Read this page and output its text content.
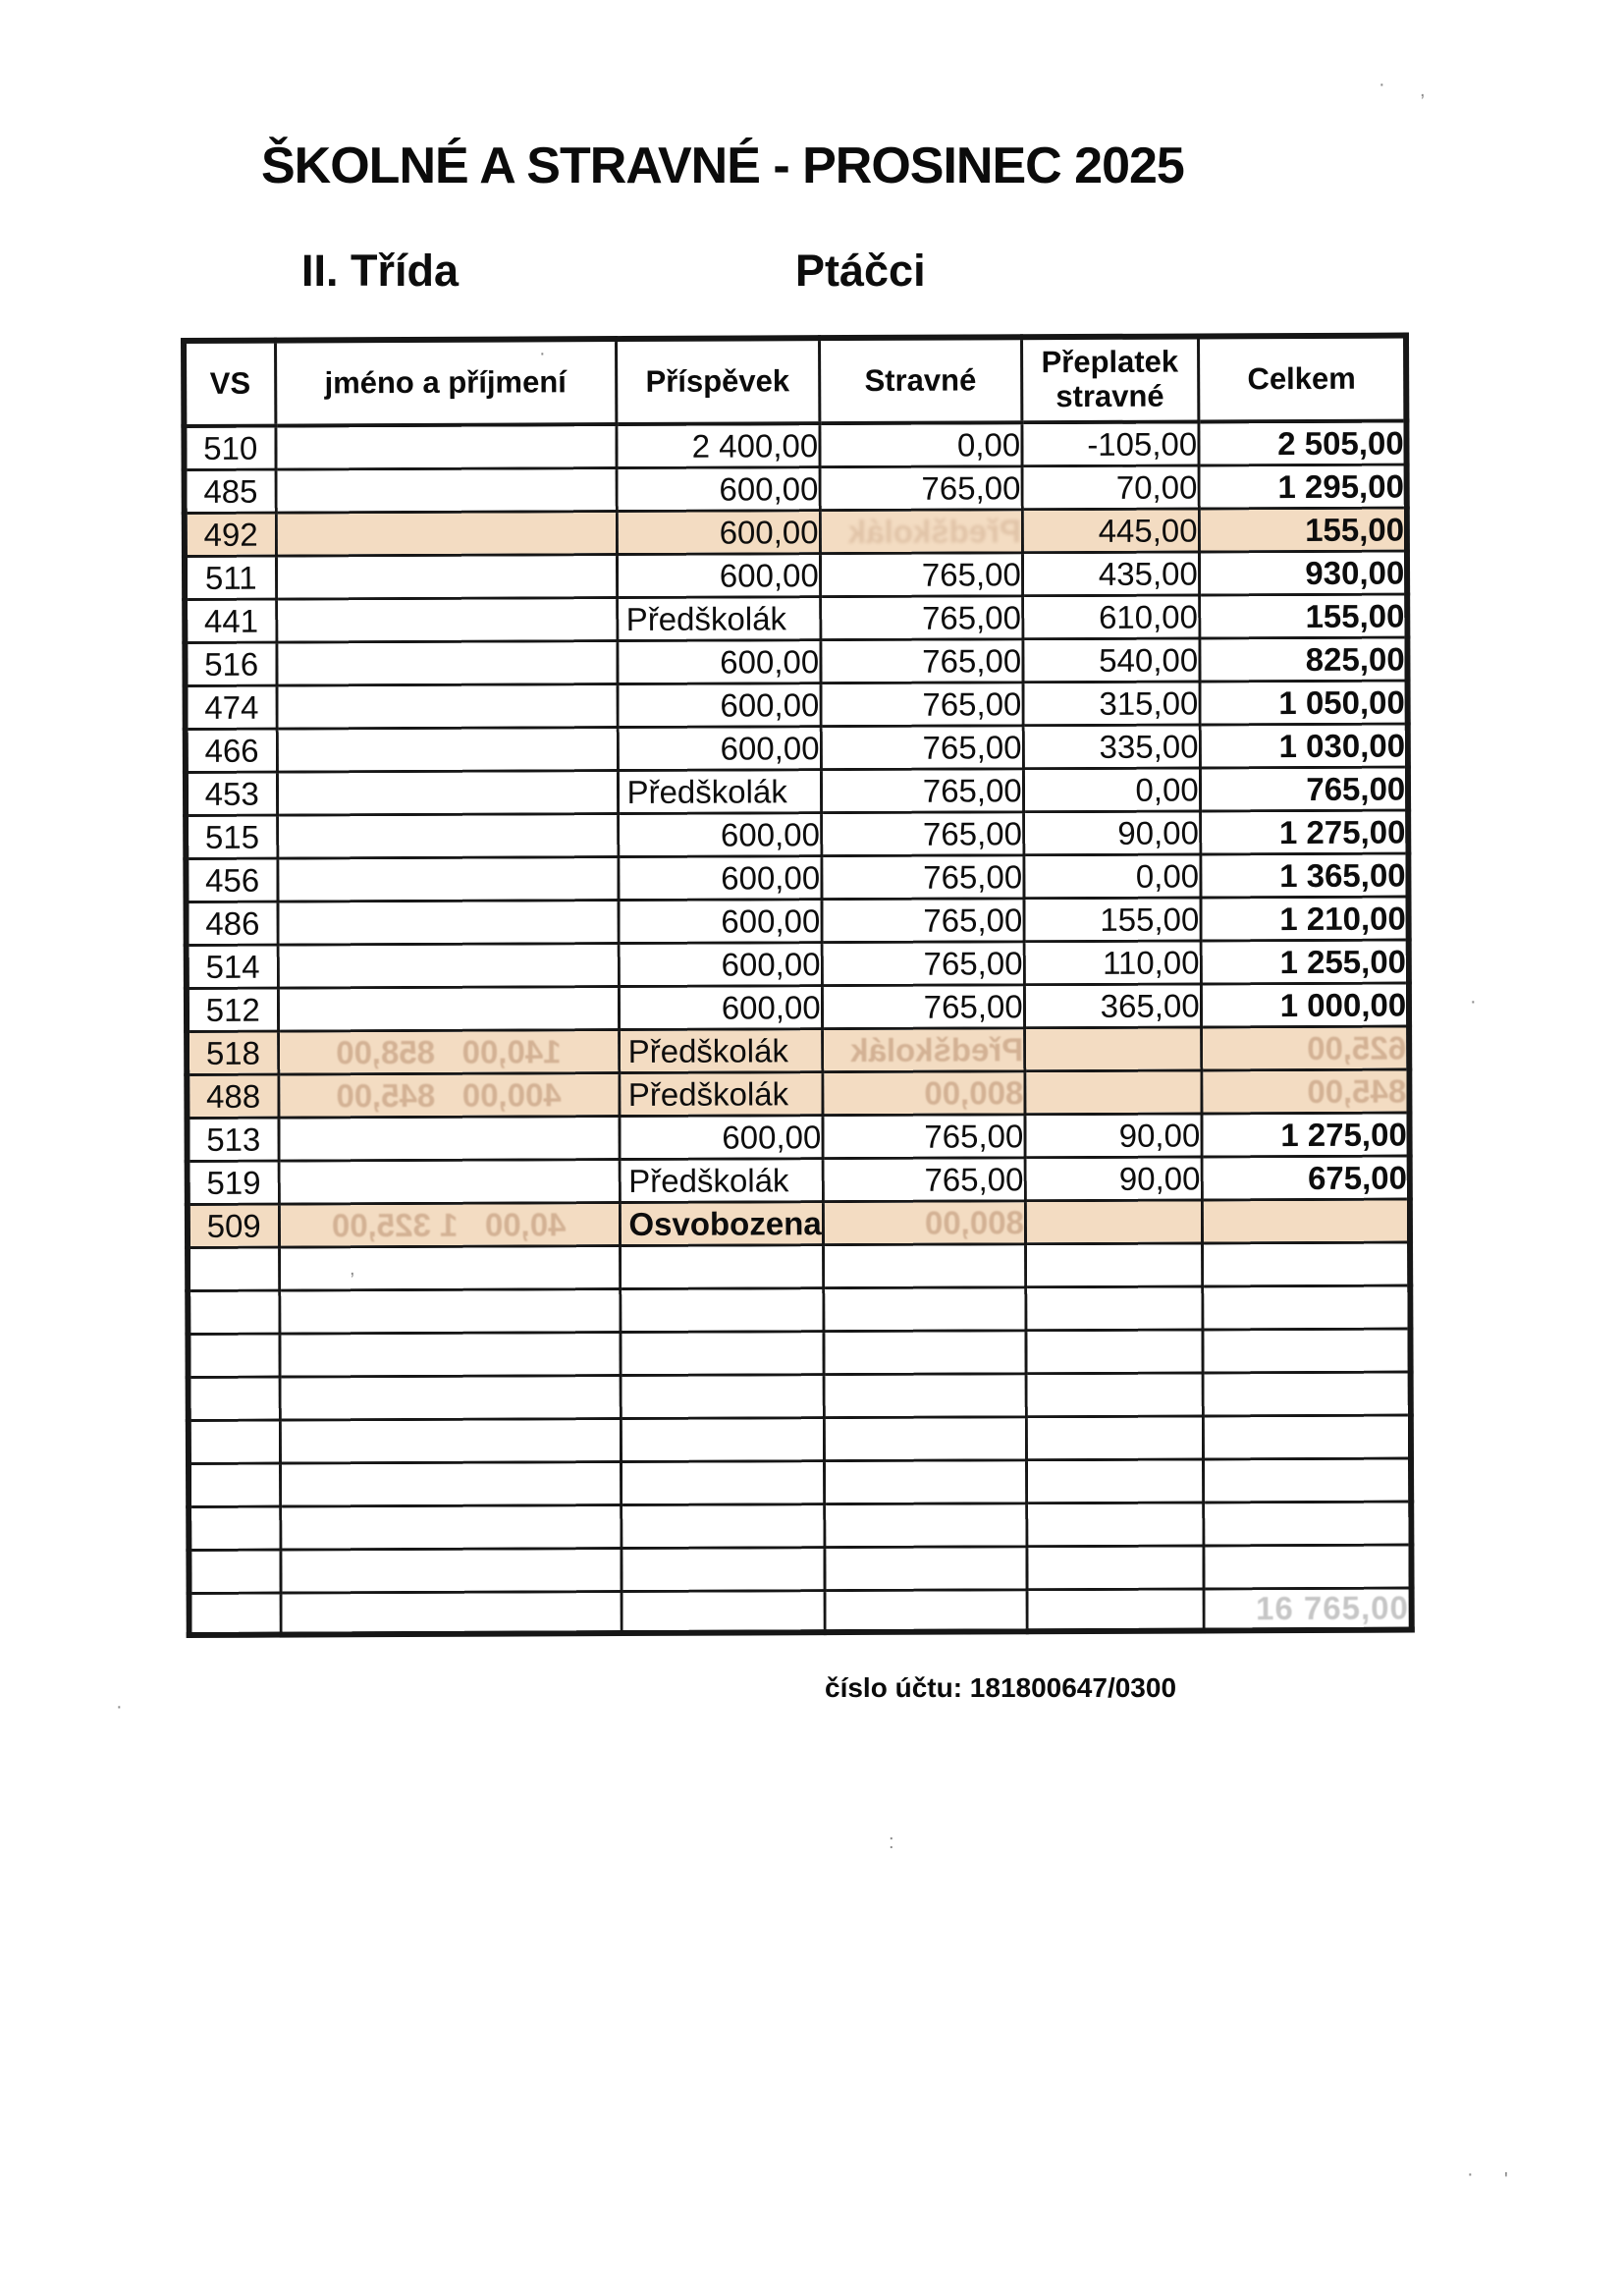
ŠKOLNÉ A STRAVNÉ - PROSINEC 2025
II. Třída	Ptáčci
VS	jméno a příjmení	Příspěvek	Stravné	Přeplatek stravné	Celkem
510		2 400,00	0,00	-105,00	2 505,00
485		600,00	765,00	70,00	1 295,00
492		600,00	Předškolák	445,00	155,00
511		600,00	765,00	435,00	930,00
441		Předškolák	765,00	610,00	155,00
516		600,00	765,00	540,00	825,00
474		600,00	765,00	315,00	1 050,00
466		600,00	765,00	335,00	1 030,00
453		Předškolák	765,00	0,00	765,00
515		600,00	765,00	90,00	1 275,00
456		600,00	765,00	0,00	1 365,00
486		600,00	765,00	155,00	1 210,00
514		600,00	765,00	110,00	1 255,00
512		600,00	765,00	365,00	1 000,00
518	140,00   858,00	Předškolák	Předškolák		625,00
488	400,00   845,00	Předškolák	800,00		845,00
513		600,00	765,00	90,00	1 275,00
519		Předškolák	765,00	90,00	675,00
509	40,00   1 325,00	Osvobozena	800,00		

					16 765,00
číslo účtu: 181800647/0300
· ,
·
·
,
:
·
· '
